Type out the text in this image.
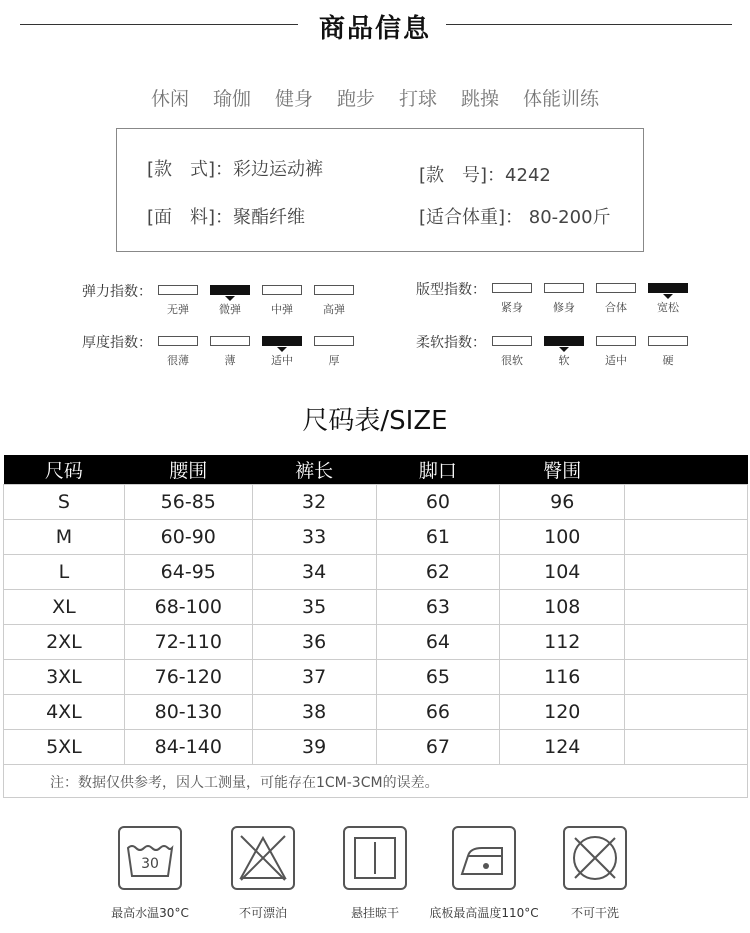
商品信息
休闲 瑜伽 健身 跑步 打球 跳操 体能训练
[款　式]：彩边运动裤	[款　号]：4242
[面　料]：聚酯纤维	[适合体重]： 80-200斤
弹力指数：
无弹	微弹	中弹	高弹
版型指数：
紧身	修身	合体	宽松
厚度指数：
很薄	薄	适中	厚
柔软指数：
很软	软	适中	硬
尺码表/SIZE
尺码	腰围	裤长	脚口	臀围	
S	56-85	32	60	96	
M	60-90	33	61	100	
L	64-95	34	62	104	
XL	68-100	35	63	108	
2XL	72-110	36	64	112	
3XL	76-120	37	65	116	
4XL	80-130	38	66	120	
5XL	84-140	39	67	124	
注：数据仅供参考，因人工测量，可能存在1CM-3CM的误差。
30
最高水温30°C	不可漂泊	悬挂晾干	底板最高温度110°C	不可干洗
